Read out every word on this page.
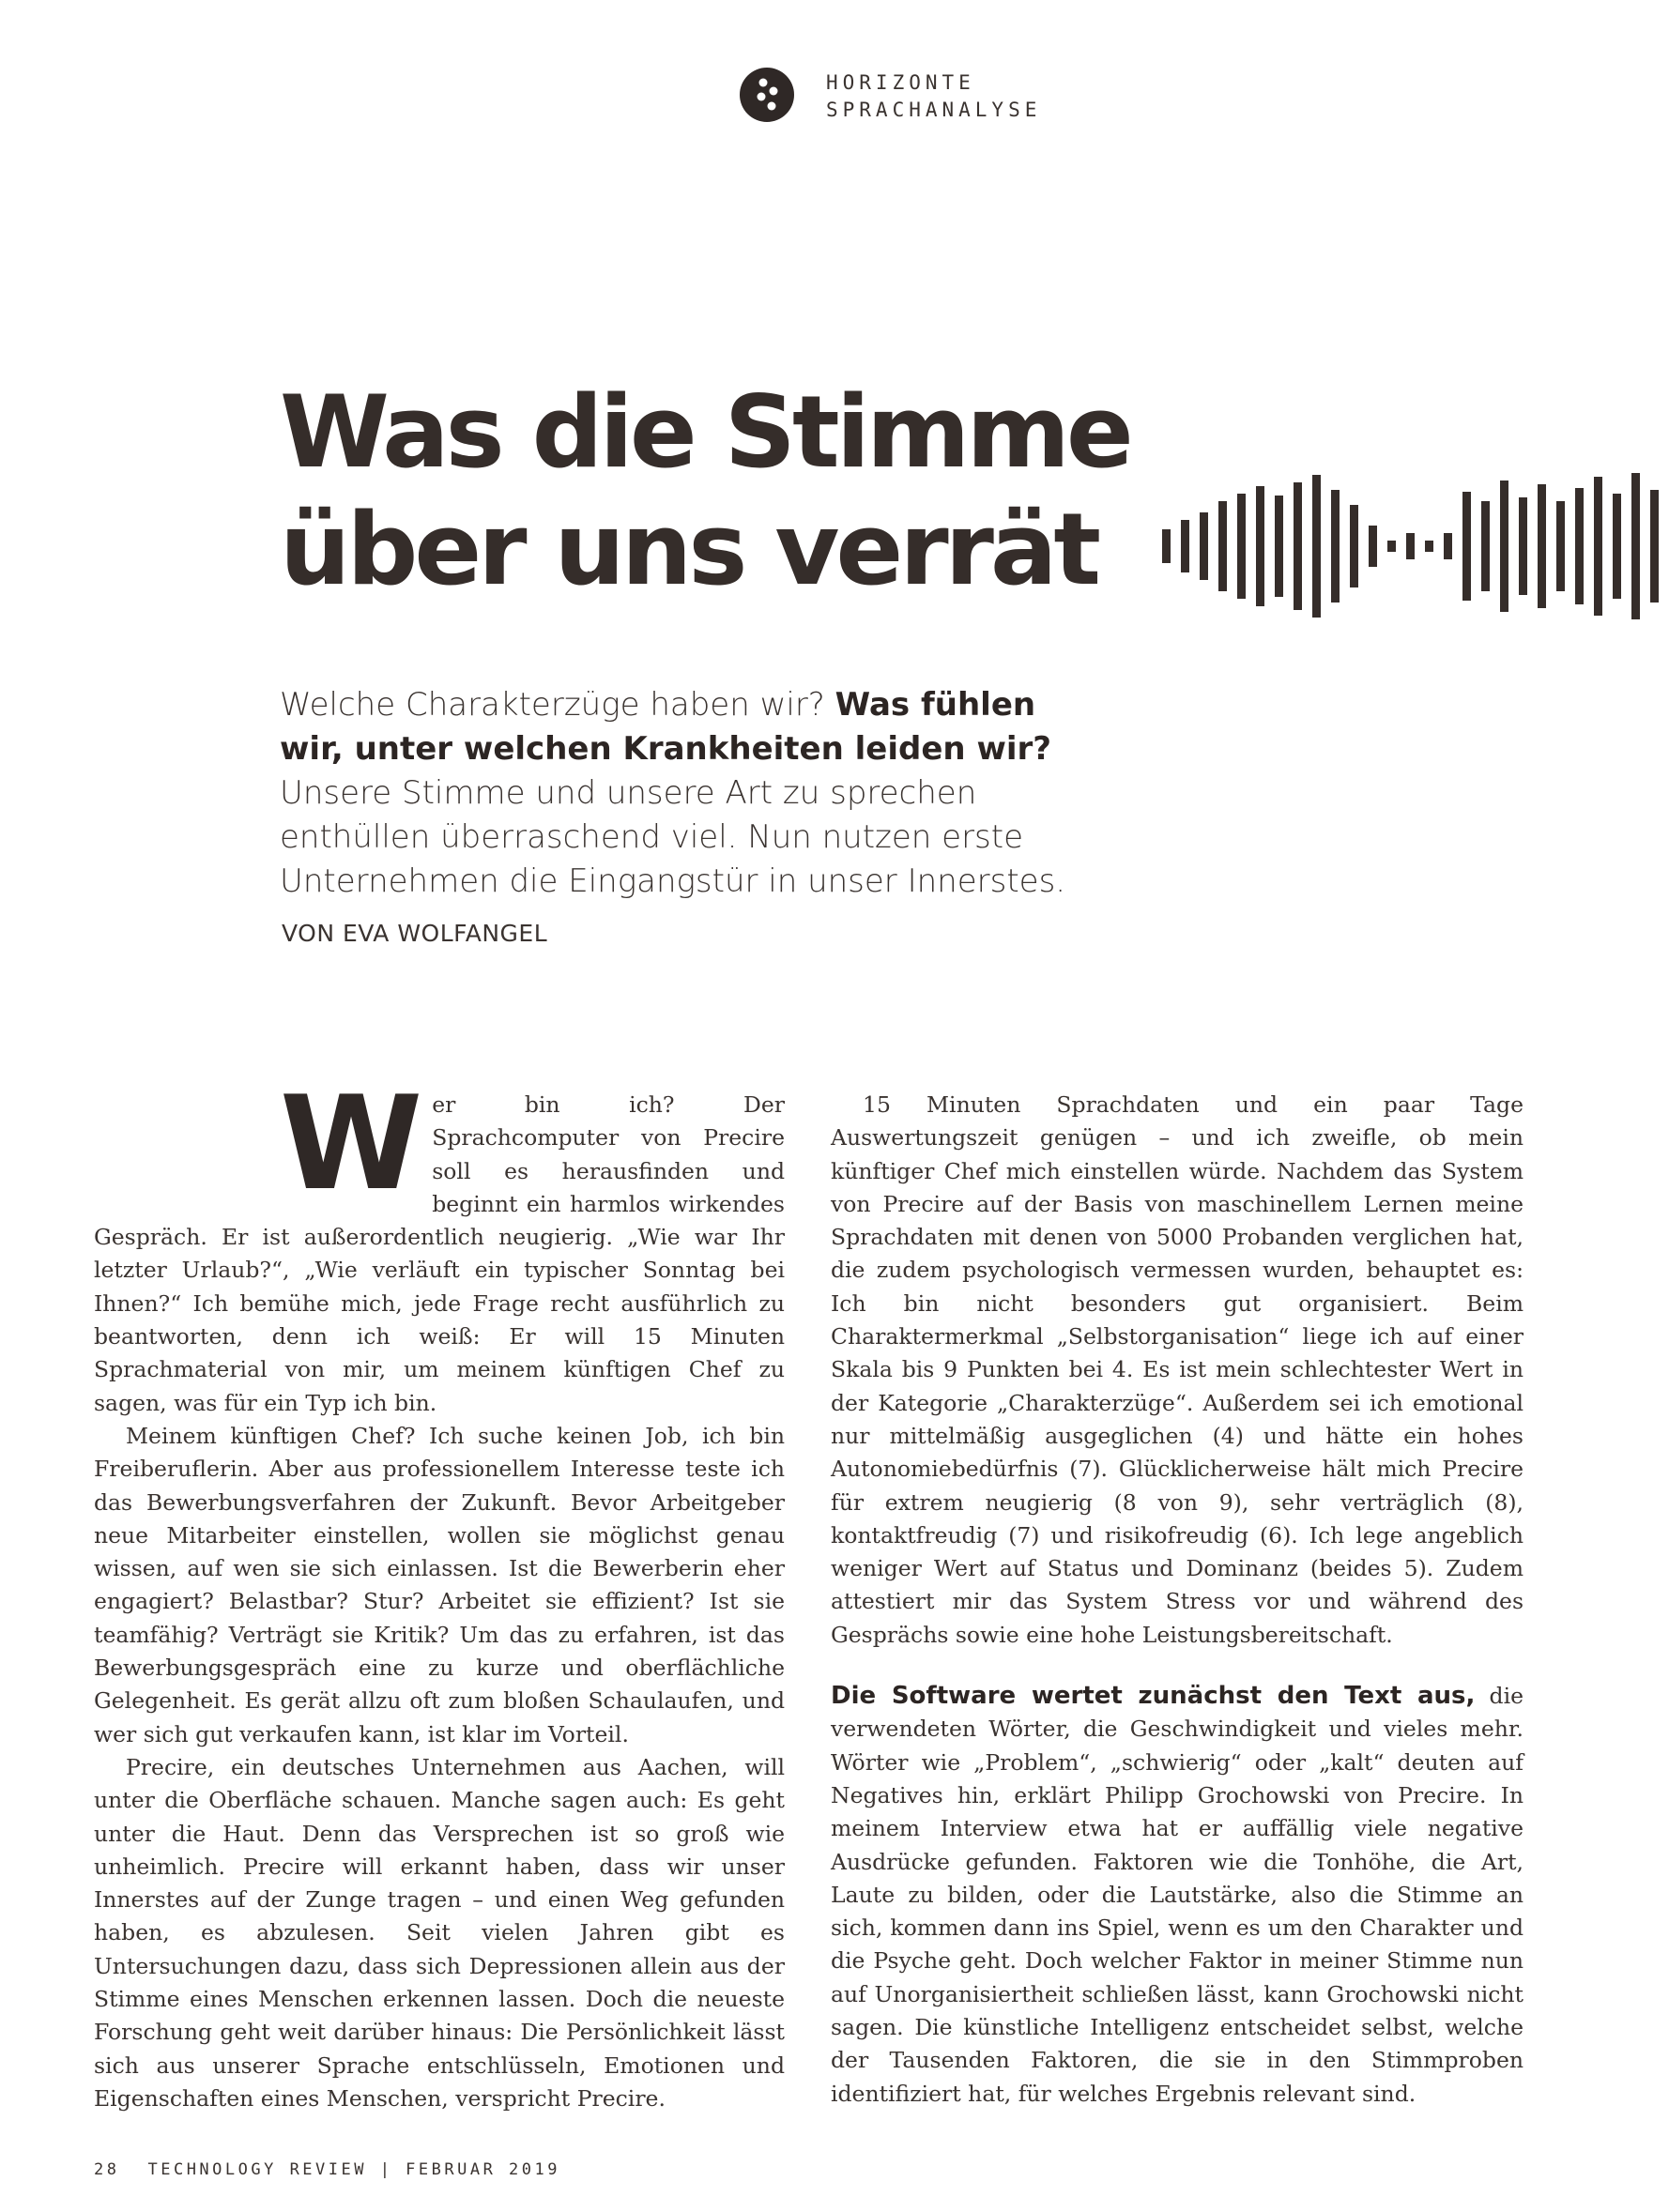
HORIZONTE
SPRACHANALYSE
Was die Stimme
über uns verrät
Welche Charakterzüge haben wir? Was fühlen
wir, unter welchen Krankheiten leiden wir?
Unsere Stimme und unsere Art zu sprechen
enthüllen überraschend viel. Nun nutzen erste
Unternehmen die Eingangstür in unser Innerstes.
VON EVA WOLFANGEL

W er bin ich? Der Sprachcomputer von Precire soll es herausfinden und beginnt ein harmlos wirkendes Gespräch. Er ist außerordentlich neugierig. „Wie war Ihr letzter Urlaub?“, „Wie verläuft ein typischer Sonntag bei Ihnen?“ Ich bemühe mich, jede Frage recht ausführlich zu beantworten, denn ich weiß: Er will 15 Minuten Sprachmaterial von mir, um meinem künftigen Chef zu sagen, was für ein Typ ich bin.

Meinem künftigen Chef? Ich suche keinen Job, ich bin Freiberuflerin. Aber aus professionellem Interesse teste ich das Bewerbungsverfahren der Zukunft. Bevor Arbeitgeber neue Mitarbeiter einstellen, wollen sie möglichst genau wissen, auf wen sie sich einlassen. Ist die Bewerberin eher engagiert? Belastbar? Stur? Arbeitet sie effizient? Ist sie teamfähig? Verträgt sie Kritik? Um das zu erfahren, ist das Bewerbungsgespräch eine zu kurze und oberflächliche Gelegenheit. Es gerät allzu oft zum bloßen Schaulaufen, und wer sich gut verkaufen kann, ist klar im Vorteil.

Precire, ein deutsches Unternehmen aus Aachen, will unter die Oberfläche schauen. Manche sagen auch: Es geht unter die Haut. Denn das Versprechen ist so groß wie unheimlich. Precire will erkannt haben, dass wir unser Innerstes auf der Zunge tragen – und einen Weg gefunden haben, es abzulesen. Seit vielen Jahren gibt es Untersuchungen dazu, dass sich Depressionen allein aus der Stimme eines Menschen erkennen lassen. Doch die neueste Forschung geht weit darüber hinaus: Die Persönlichkeit lässt sich aus unserer Sprache entschlüsseln, Emotionen und Eigenschaften eines Menschen, verspricht Precire.

15 Minuten Sprachdaten und ein paar Tage Auswertungszeit genügen – und ich zweifle, ob mein künftiger Chef mich einstellen würde. Nachdem das System von Precire auf der Basis von maschinellem Lernen meine Sprachdaten mit denen von 5000 Probanden verglichen hat, die zudem psychologisch vermessen wurden, behauptet es: Ich bin nicht besonders gut organisiert. Beim Charaktermerkmal „Selbstorganisation“ liege ich auf einer Skala bis 9 Punkten bei 4. Es ist mein schlechtester Wert in der Kategorie „Charakterzüge“. Außerdem sei ich emotional nur mittelmäßig ausgeglichen (4) und hätte ein hohes Autonomiebedürfnis (7). Glücklicherweise hält mich Precire für extrem neugierig (8 von 9), sehr verträglich (8), kontaktfreudig (7) und risikofreudig (6). Ich lege angeblich weniger Wert auf Status und Dominanz (beides 5). Zudem attestiert mir das System Stress vor und während des Gesprächs sowie eine hohe Leistungsbereitschaft.

Die Software wertet zunächst den Text aus, die verwendeten Wörter, die Geschwindigkeit und vieles mehr. Wörter wie „Problem“, „schwierig“ oder „kalt“ deuten auf Negatives hin, erklärt Philipp Grochowski von Precire. In meinem Interview etwa hat er auffällig viele negative Ausdrücke gefunden. Faktoren wie die Tonhöhe, die Art, Laute zu bilden, oder die Lautstärke, also die Stimme an sich, kommen dann ins Spiel, wenn es um den Charakter und die Psyche geht. Doch welcher Faktor in meiner Stimme nun auf Unorganisiertheit schließen lässt, kann Grochowski nicht sagen. Die künstliche Intelligenz entscheidet selbst, welche der Tausenden Faktoren, die sie in den Stimmproben identifiziert hat, für welches Ergebnis relevant sind.

28 TECHNOLOGY REVIEW | FEBRUAR 2019
